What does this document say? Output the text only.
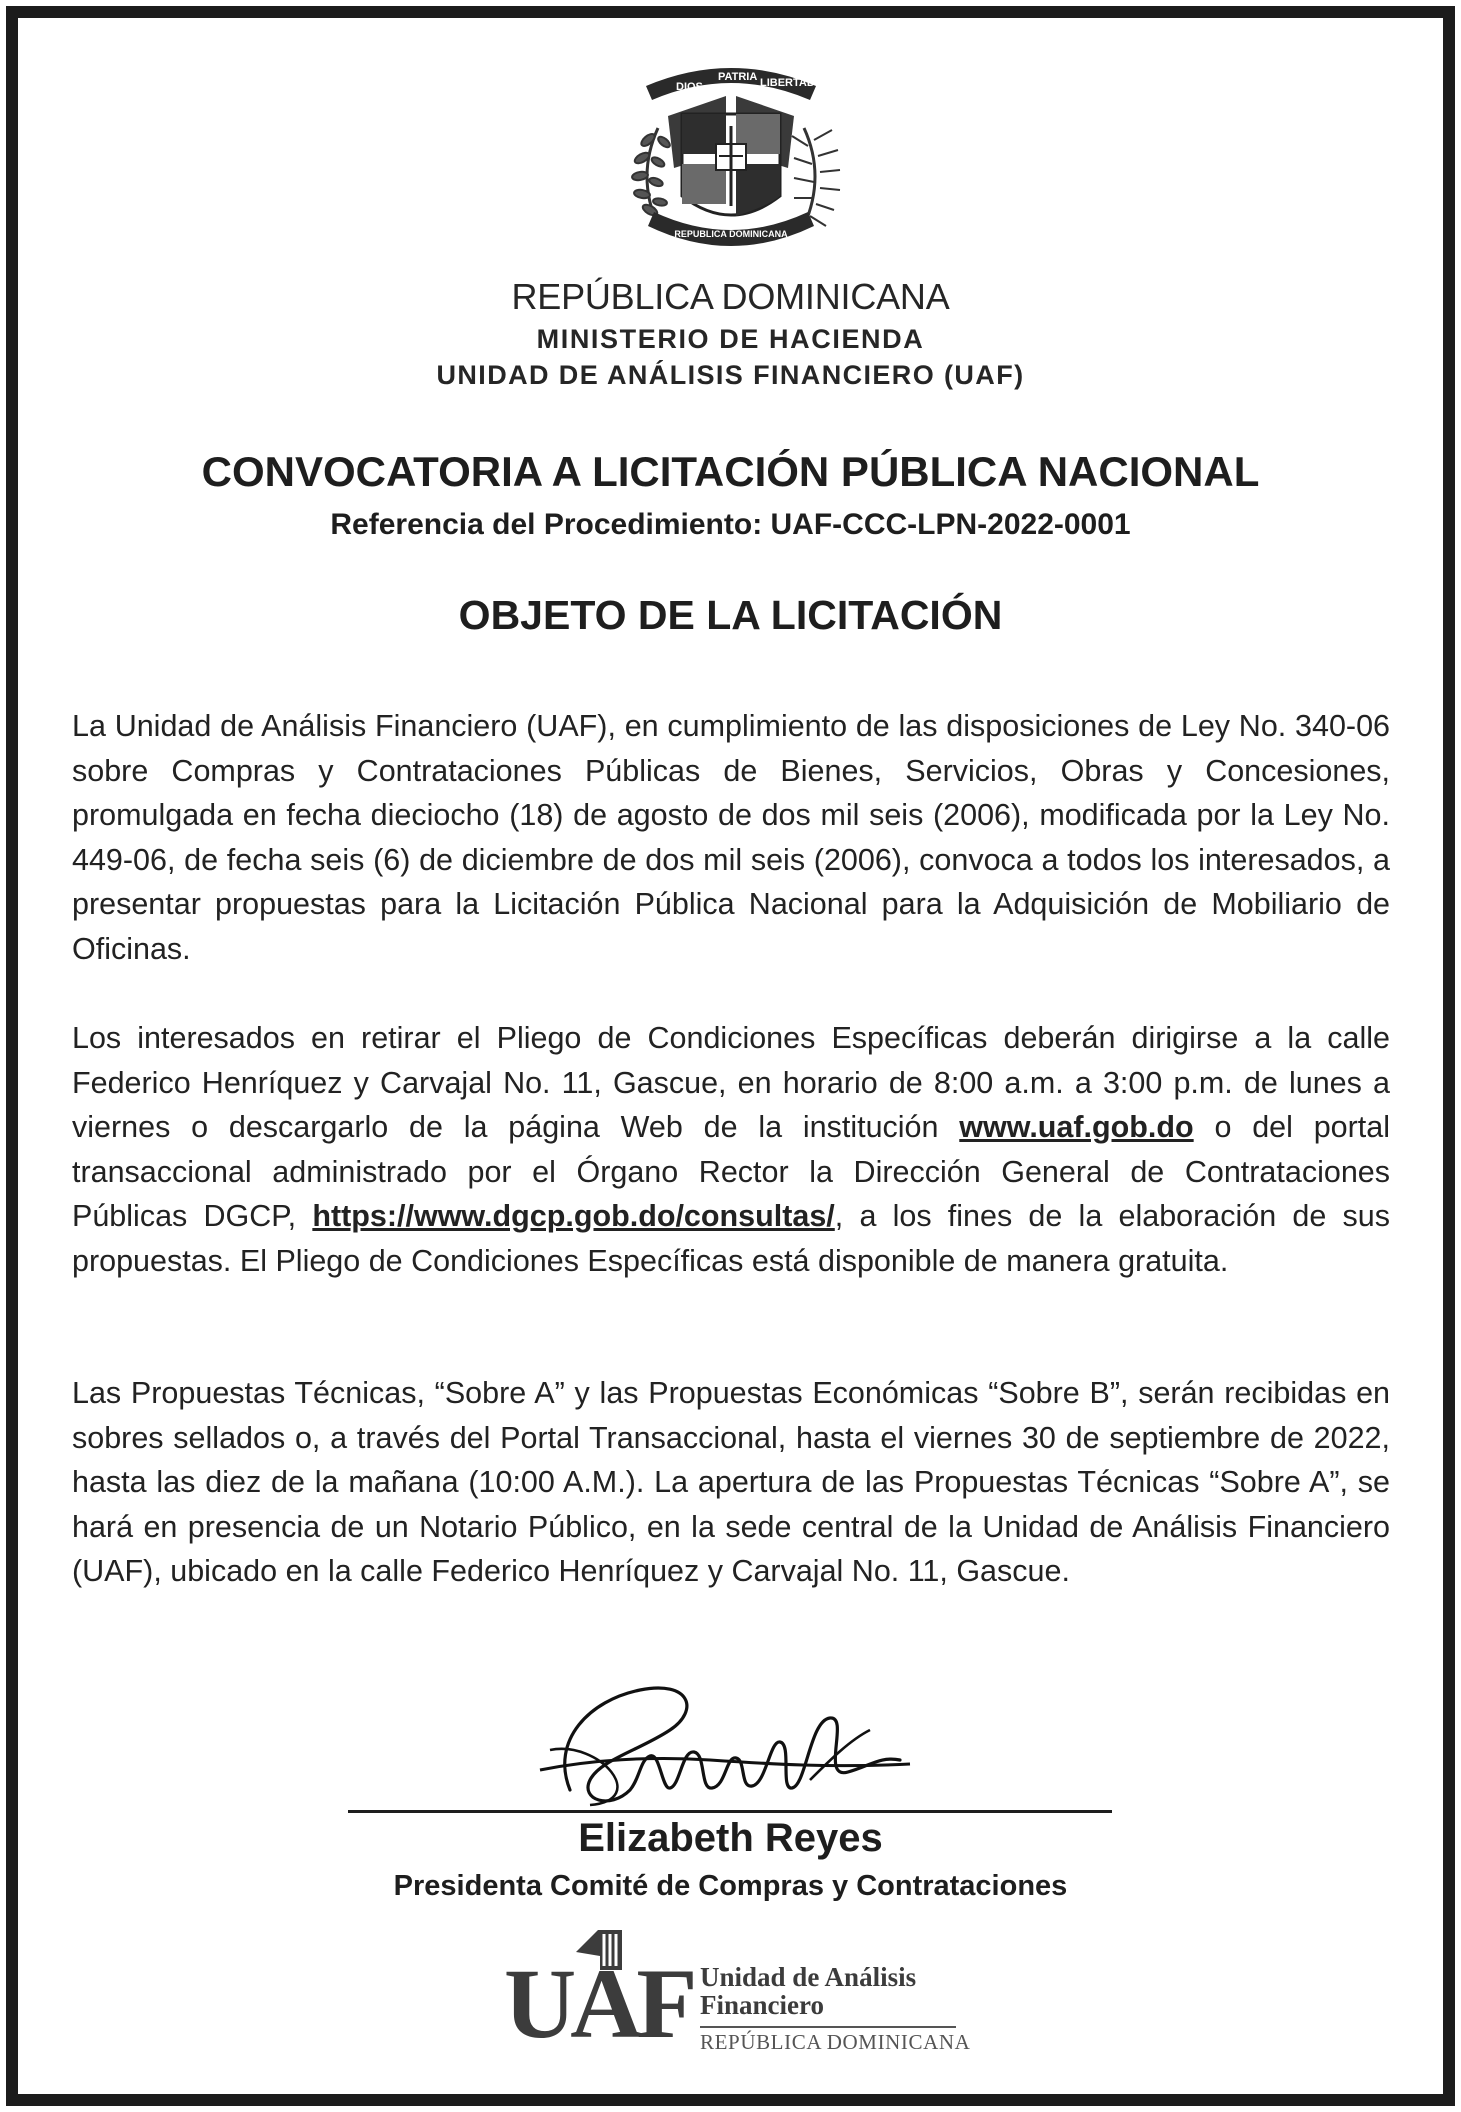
DIOS PATRIA LIBERTAD
REPUBLICA DOMINICANA
REPÚBLICA DOMINICANA
MINISTERIO DE HACIENDA
UNIDAD DE ANÁLISIS FINANCIERO (UAF)
CONVOCATORIA A LICITACIÓN PÚBLICA NACIONAL
Referencia del Procedimiento: UAF-CCC-LPN-2022-0001
OBJETO DE LA LICITACIÓN

La Unidad de Análisis Financiero (UAF), en cumplimiento de las disposiciones de Ley No. 340-06 sobre Compras y Contrataciones Públicas de Bienes, Servicios, Obras y Concesiones, promulgada en fecha dieciocho (18) de agosto de dos mil seis (2006), modificada por la Ley No. 449-06, de fecha seis (6) de diciembre de dos mil seis (2006), convoca a todos los interesados, a presentar propuestas para la Licitación Pública Nacional para la Adquisición de Mobiliario de Oficinas.

Los interesados en retirar el Pliego de Condiciones Específicas deberán dirigirse a la calle Federico Henríquez y Carvajal No. 11, Gascue, en horario de 8:00 a.m. a 3:00 p.m. de lunes a viernes o descargarlo de la página Web de la institución www.uaf.gob.do o del portal transaccional administrado por el Órgano Rector la Dirección General de Contrataciones Públicas DGCP, https://www.dgcp.gob.do/consultas/, a los fines de la elaboración de sus propuestas. El Pliego de Condiciones Específicas está disponible de manera gratuita.

Las Propuestas Técnicas, “Sobre A” y las Propuestas Económicas “Sobre B”, serán recibidas en sobres sellados o, a través del Portal Transaccional, hasta el viernes 30 de septiembre de 2022, hasta las diez de la mañana (10:00 A.M.). La apertura de las Propuestas Técnicas “Sobre A”, se hará en presencia de un Notario Público, en la sede central de la Unidad de Análisis Financiero (UAF), ubicado en la calle Federico Henríquez y Carvajal No. 11, Gascue.

Elizabeth Reyes
Presidenta Comité de Compras y Contrataciones
UAF Unidad de Análisis
Financiero
REPÚBLICA DOMINICANA
